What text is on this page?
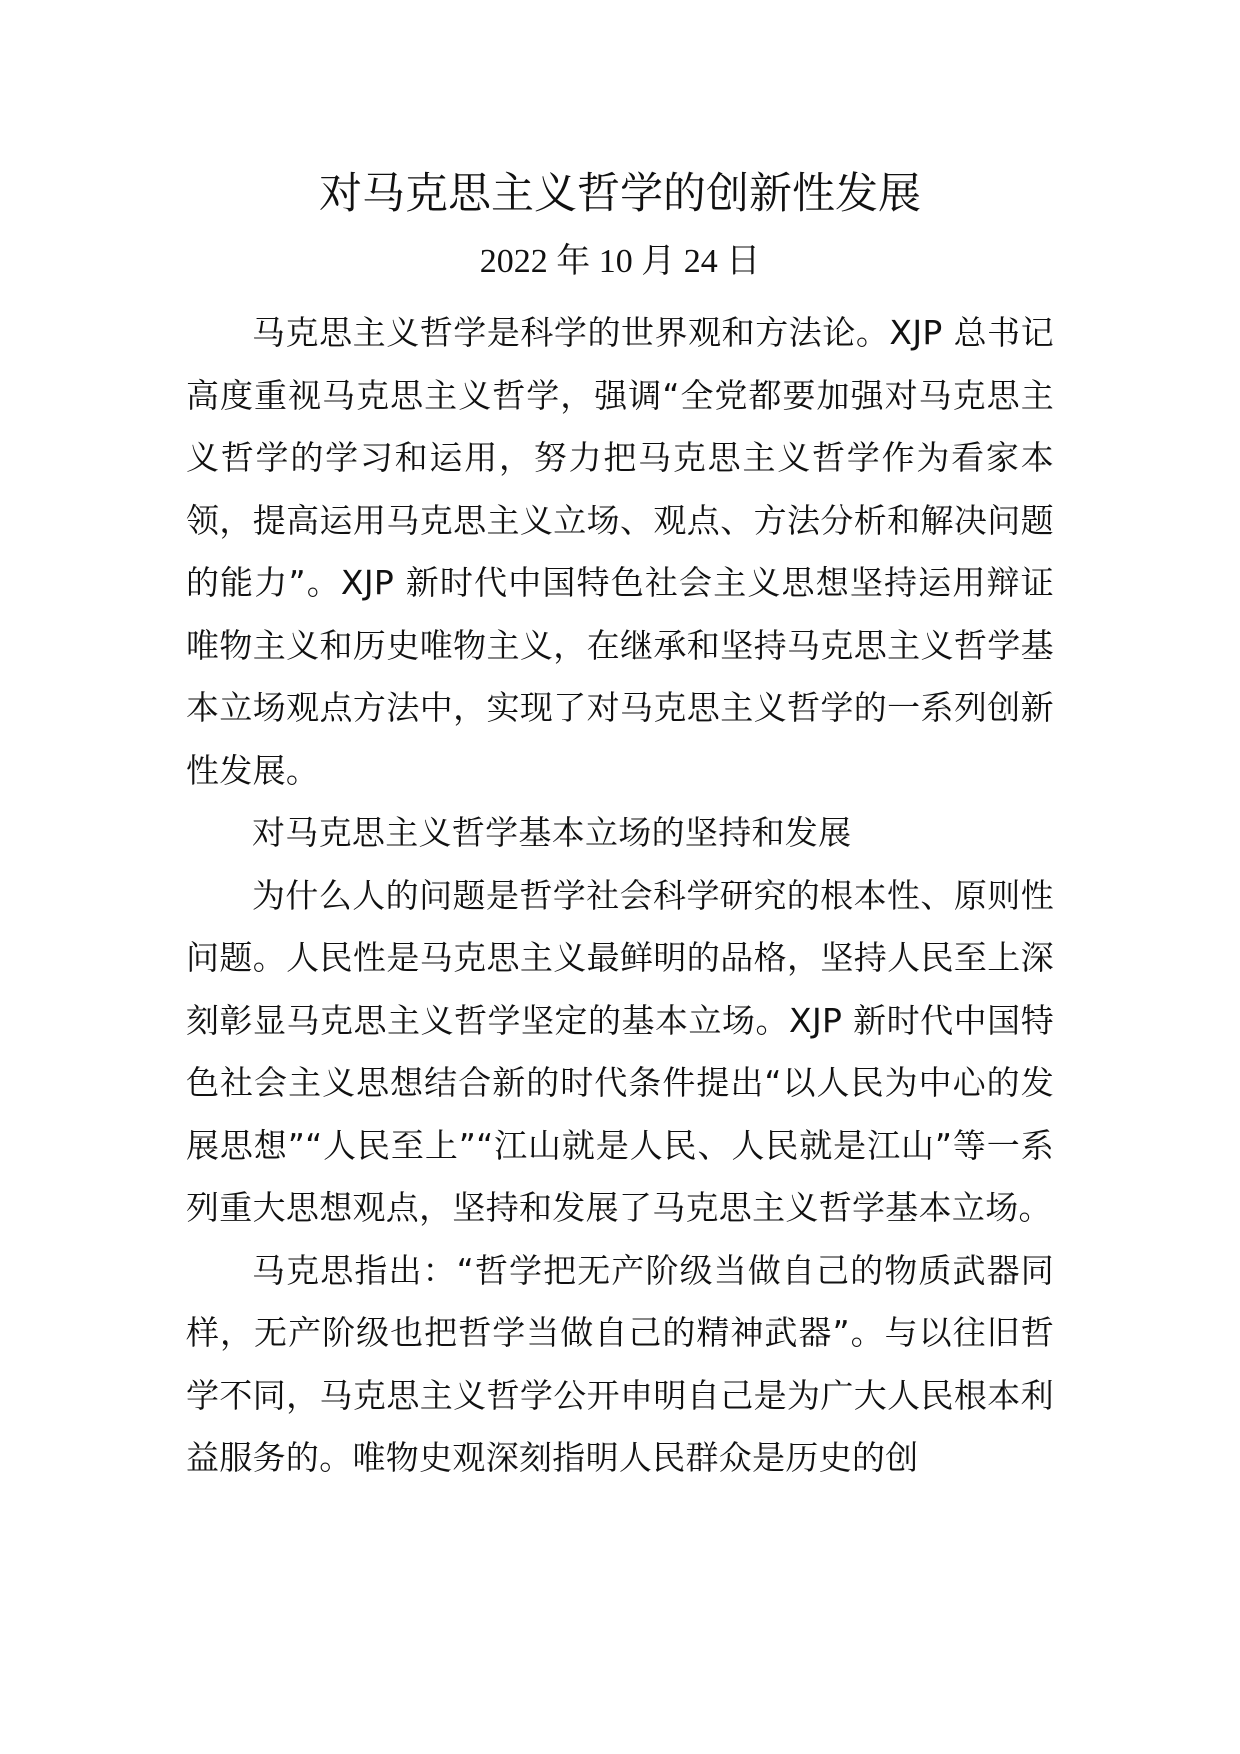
对马克思主义哲学的创新性发展

2022 年 10 月 24 日

马克思主义哲学是科学的世界观和方法论。XJP 总书记高度重视马克思主义哲学，强调“全党都要加强对马克思主义哲学的学习和运用，努力把马克思主义哲学作为看家本领，提高运用马克思主义立场、观点、方法分析和解决问题的能力”。XJP 新时代中国特色社会主义思想坚持运用辩证唯物主义和历史唯物主义，在继承和坚持马克思主义哲学基本立场观点方法中，实现了对马克思主义哲学的一系列创新性发展。

对马克思主义哲学基本立场的坚持和发展

为什么人的问题是哲学社会科学研究的根本性、原则性问题。人民性是马克思主义最鲜明的品格，坚持人民至上深刻彰显马克思主义哲学坚定的基本立场。XJP 新时代中国特色社会主义思想结合新的时代条件提出“以人民为中心的发展思想”“人民至上”“江山就是人民、人民就是江山”等一系列重大思想观点，坚持和发展了马克思主义哲学基本立场。

马克思指出：“哲学把无产阶级当做自己的物质武器同样，无产阶级也把哲学当做自己的精神武器”。与以往旧哲学不同，马克思主义哲学公开申明自己是为广大人民根本利益服务的。唯物史观深刻指明人民群众是历史的创
